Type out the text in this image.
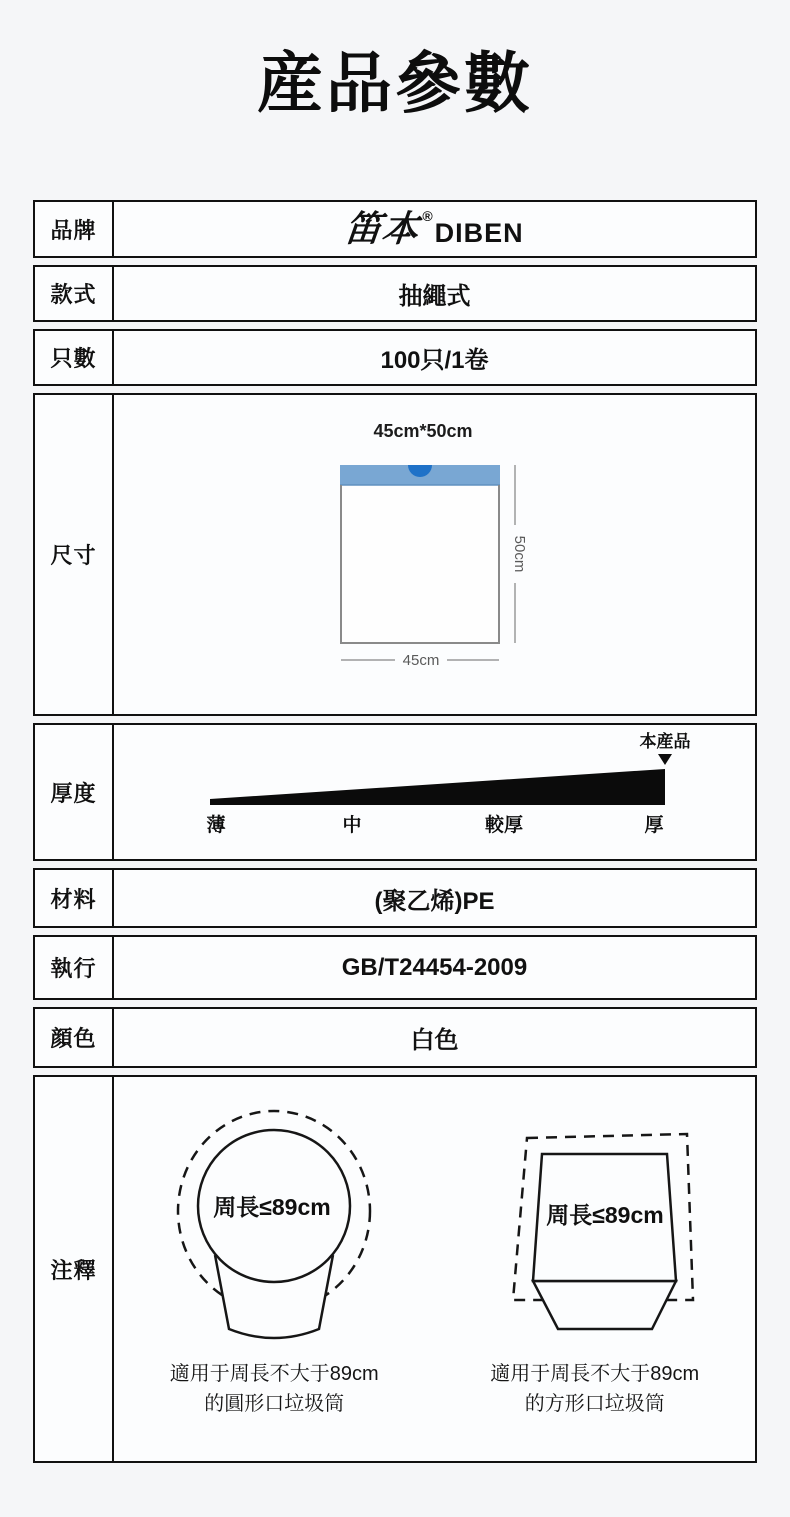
産品參數
品牌	笛本 ®
DIBEN
款式	抽繩式
只數	100只/1卷
尺寸
45cm*50cm
50cm
45cm
厚度
本産品
薄	中	較厚	厚
材料	(聚乙烯)PE
執行	GB/T24454-2009
顔色	白色
注釋
周長≤89cm
適用于周長不大于89cm
的圓形口垃圾筒
周長≤89cm
適用于周長不大于89cm
的方形口垃圾筒
